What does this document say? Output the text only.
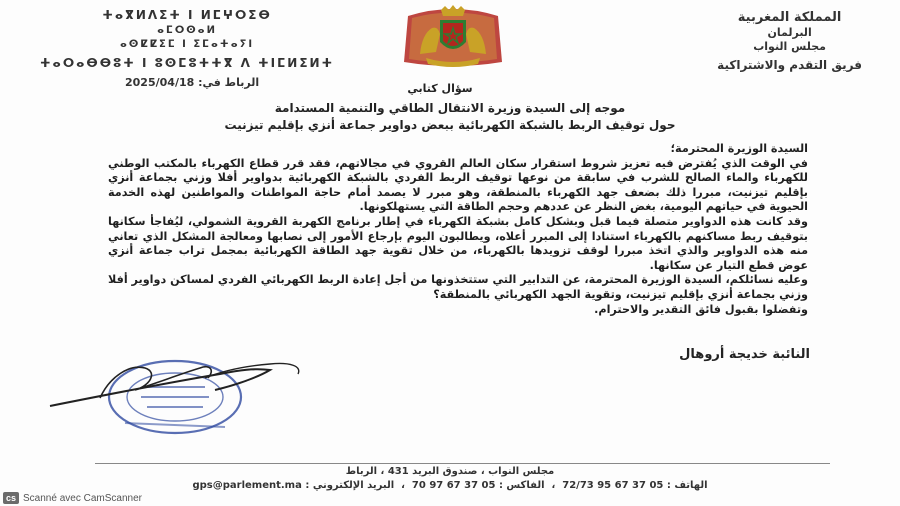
المملكة المغربية
البرلمان
مجلس النواب
فريق التقدم والاشتراكية
ⵜⴰⴳⵍⴷⵉⵜ ⵏ ⵍⵎⵖⵔⵉⴱ
ⴰⵎⵔⵙⴰⵍ
ⴰⵙⵇⵇⵉⵎ ⵏ ⵉⵎⴰⵜⴰⵢⵏ
ⵜⴰⵔⴰⴱⴱⵓⵜ ⵏ ⵓⵙⵎⵓⵜⵜⴳ ⴷ ⵜⵏⵎⵍⵉⵍⵜ
الرباط في: 2025/04/18	سؤال كتابي
موجه إلى السيدة وزيرة الانتقال الطاقي والتنمية المستدامة
حول توقيف الربط بالشبكة الكهربائية ببعض دواوير جماعة أنزي بإقليم تيزنيت

السيدة الوزيرة المحترمة؛

في الوقت الذي يُفترض فيه تعزيز شروط استقرار سكان العالم القروي في مجالاتهم، فقد قرر قطاع الكهرباء بالمكتب الوطني للكهرباء والماء الصالح للشرب في سابقة من نوعها توقيف الربط الفردي بالشبكة الكهربائية بدواوير أفلا وزني بجماعة أنزي بإقليم تيزنيت، مبررا ذلك بضعف جهد الكهرباء بالمنطقة، وهو مبرر لا يصمد أمام حاجة المواطنات والمواطنين لهذه الخدمة الحيوية في حياتهم اليومية، بغض النظر عن عددهم وحجم الطاقة التي يستهلكونها.

وقد كانت هذه الدواوير متصلة فيما قبل وبشكل كامل بشبكة الكهرباء في إطار برنامج الكهربة القروية الشمولي، ليُفاجأ سكانها بتوقيف ربط مساكنهم بالكهرباء استنادا إلى المبرر أعلاه، ويطالبون اليوم بإرجاع الأمور إلى نصابها ومعالجة المشكل الذي تعاني منه هذه الدواوير والذي اتخذ مبررا لوقف تزويدها بالكهرباء، من خلال تقوية جهد الطاقة الكهربائية بمجمل تراب جماعة أنزي عوض قطع التيار عن سكانها.

وعليه نسائلكم، السيدة الوزيرة المحترمة، عن التدابير التي ستتخذونها من أجل إعادة الربط الكهربائي الفردي لمساكن دواوير أفلا وزني بجماعة أنزي بإقليم تيزنيت، وتقوية الجهد الكهربائي بالمنطقة؟

وتفضلوا بقبول فائق التقدير والاحترام.

النائبة خديجة أروهال
مجلس النواب ، صندوق البريد 431 ، الرباط
الهاتف : 05 37 67 95 72/73  ،  الفاكس : 05 37 67 97 70  ،  البريد الإلكتروني : gps@parlement.ma
cs Scanné avec CamScanner
